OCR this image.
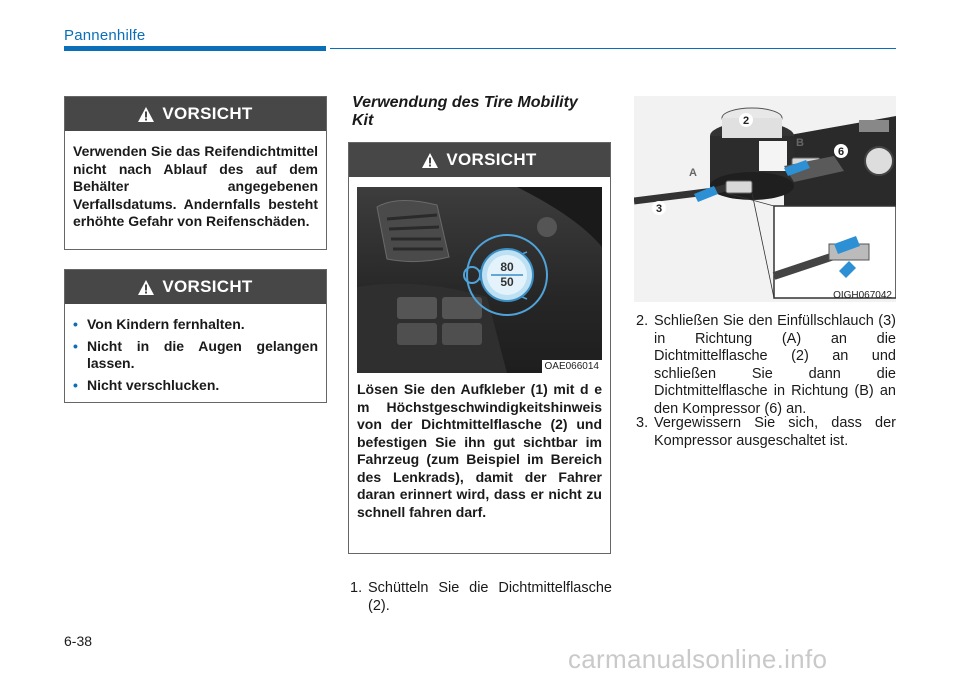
Pannenhilfe
VORSICHT
Verwenden Sie das Reifendichtmittel nicht nach Ablauf des auf dem Behälter angegebenen Verfallsdatums. Andernfalls besteht erhöhte Gefahr von Reifenschäden.
VORSICHT
• Von Kindern fernhalten.
• Nicht in die Augen gelangen lassen.
• Nicht verschlucken.
Verwendung des Tire Mobility Kit
VORSICHT
80
50
OAE066014
Lösen Sie den Aufkleber (1) mit d e m Höchstgeschwindigkeitshinweis von der Dichtmittelflasche (2) und befestigen Sie ihn gut sichtbar im Fahrzeug (zum Beispiel im Bereich des Lenkrads), damit der Fahrer daran erinnert wird, dass er nicht zu schnell fahren darf.
1. Schütteln Sie die Dichtmittelflasche (2).
2
6
3
A
B
OIGH067042
2. Schließen Sie den Einfüllschlauch (3) in Richtung (A) an die Dichtmittelflasche (2) an und schließen Sie dann die Dichtmittelflasche in Richtung (B) an den Kompressor (6) an.
3. Vergewissern Sie sich, dass der Kompressor ausgeschaltet ist.
6-38
carmanualsonline.info
